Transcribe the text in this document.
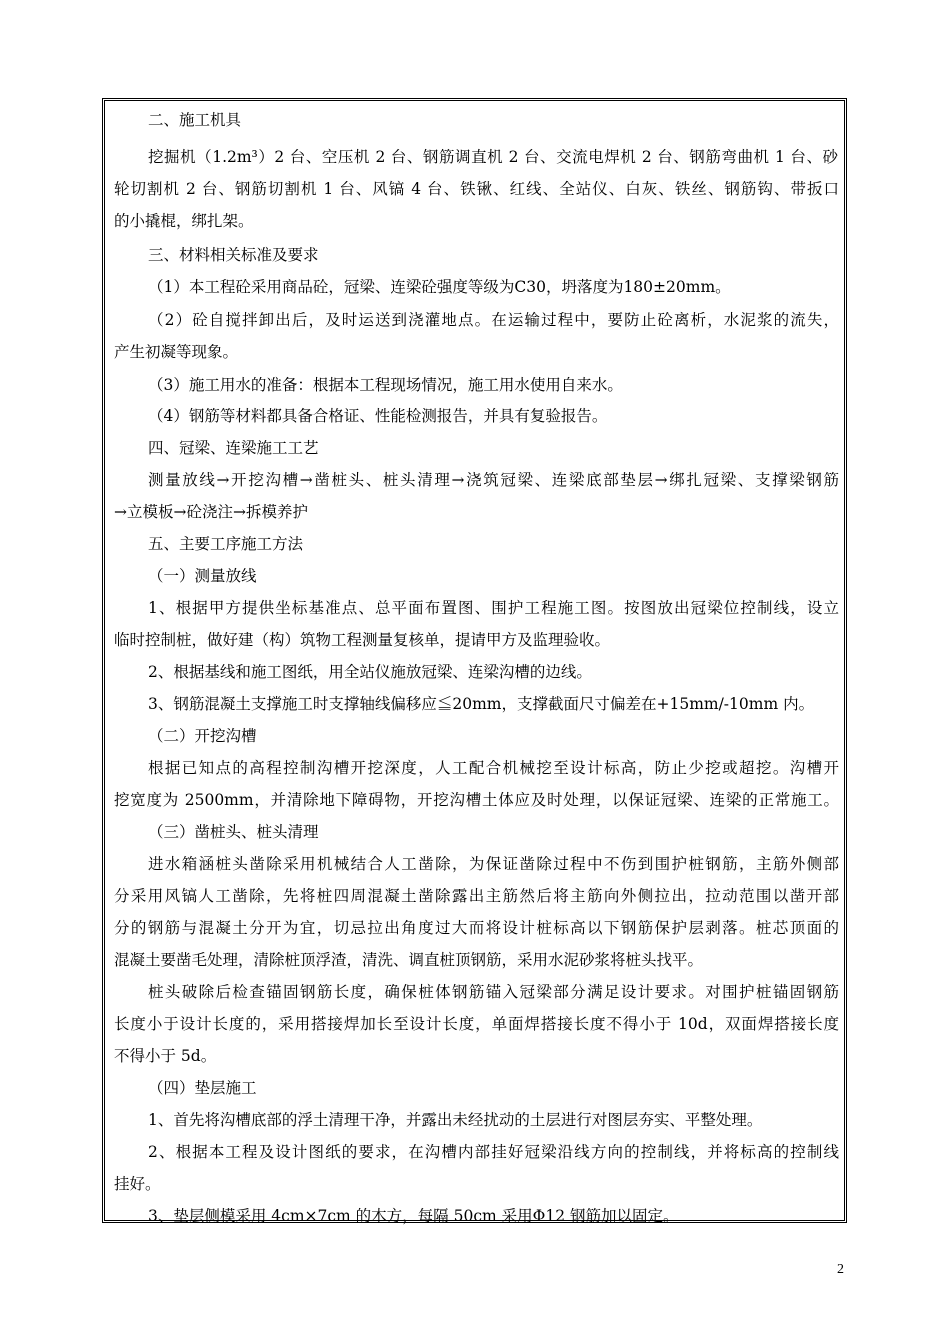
二、施工机具
挖掘机（1.2m³）2 台、空压机 2 台、钢筋调直机 2 台、交流电焊机 2 台、钢筋弯曲机 1 台、砂
轮切割机 2 台、钢筋切割机 1 台、风镐 4 台、铁锹、红线、全站仪、白灰、铁丝、钢筋钩、带扳口
的小撬棍，绑扎架。
三、材料相关标准及要求
（1）本工程砼采用商品砼，冠梁、连梁砼强度等级为C30，坍落度为180±20mm。
（2）砼自搅拌卸出后，及时运送到浇灌地点。在运输过程中，要防止砼离析，水泥浆的流失，
产生初凝等现象。
（3）施工用水的准备：根据本工程现场情况，施工用水使用自来水。
（4）钢筋等材料都具备合格证、性能检测报告，并具有复验报告。
四、冠梁、连梁施工工艺
测量放线→开挖沟槽→凿桩头、桩头清理→浇筑冠梁、连梁底部垫层→绑扎冠梁、支撑梁钢筋
→立模板→砼浇注→拆模养护
五、主要工序施工方法
（一）测量放线
1、根据甲方提供坐标基准点、总平面布置图、围护工程施工图。按图放出冠梁位控制线，设立
临时控制桩，做好建（构）筑物工程测量复核单，提请甲方及监理验收。
2、根据基线和施工图纸，用全站仪施放冠梁、连梁沟槽的边线。
3、钢筋混凝土支撑施工时支撑轴线偏移应≦20mm，支撑截面尺寸偏差在+15mm/-10mm 内。
（二）开挖沟槽
根据已知点的高程控制沟槽开挖深度，人工配合机械挖至设计标高，防止少挖或超挖。沟槽开
挖宽度为 2500mm，并清除地下障碍物，开挖沟槽土体应及时处理，以保证冠梁、连梁的正常施工。
（三）凿桩头、桩头清理
进水箱涵桩头凿除采用机械结合人工凿除，为保证凿除过程中不伤到围护桩钢筋，主筋外侧部
分采用风镐人工凿除，先将桩四周混凝土凿除露出主筋然后将主筋向外侧拉出，拉动范围以凿开部
分的钢筋与混凝土分开为宜，切忌拉出角度过大而将设计桩标高以下钢筋保护层剥落。桩芯顶面的
混凝土要凿毛处理，清除桩顶浮渣，清洗、调直桩顶钢筋，采用水泥砂浆将桩头找平。
桩头破除后检查锚固钢筋长度，确保桩体钢筋锚入冠梁部分满足设计要求。对围护桩锚固钢筋
长度小于设计长度的，采用搭接焊加长至设计长度，单面焊搭接长度不得小于 10d，双面焊搭接长度
不得小于 5d。
（四）垫层施工
1、首先将沟槽底部的浮土清理干净，并露出未经扰动的土层进行对图层夯实、平整处理。
2、根据本工程及设计图纸的要求，在沟槽内部挂好冠梁沿线方向的控制线，并将标高的控制线
挂好。
3、垫层侧模采用 4cm×7cm 的木方，每隔 50cm 采用Φ12 钢筋加以固定。
2
